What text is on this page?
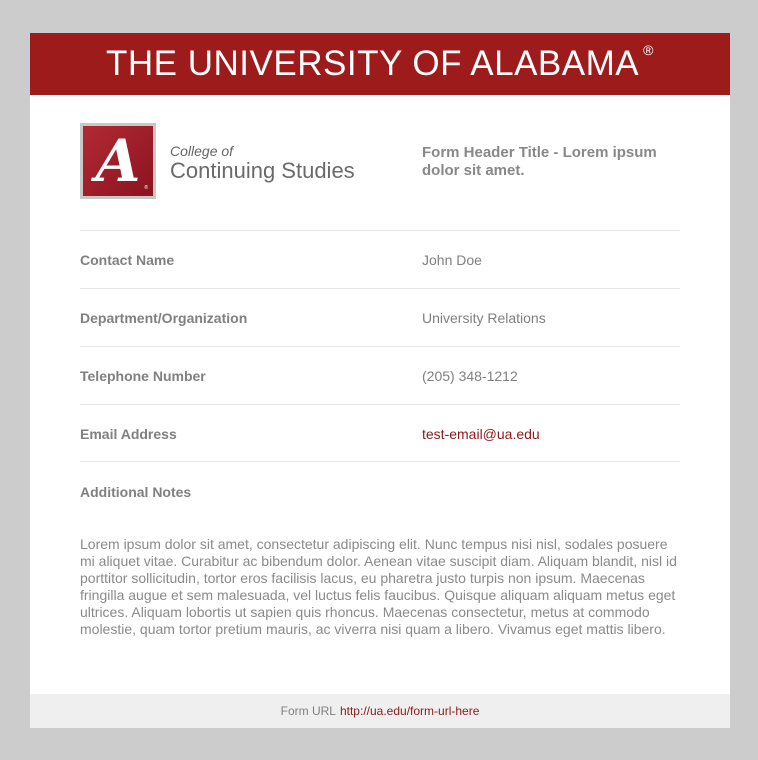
THE UNIVERSITY OF ALABAMA ®
A ®
College of
Continuing Studies
Form Header Title - Lorem ipsum dolor sit amet.
Contact Name	John Doe
Department/Organization	University Relations
Telephone Number	(205) 348-1212
Email Address	test-email@ua.edu
Additional Notes
Lorem ipsum dolor sit amet, consectetur adipiscing elit. Nunc tempus nisi nisl, sodales posuere mi aliquet vitae. Curabitur ac bibendum dolor. Aenean vitae suscipit diam. Aliquam blandit, nisl id porttitor sollicitudin, tortor eros facilisis lacus, eu pharetra justo turpis non ipsum. Maecenas fringilla augue et sem malesuada, vel luctus felis faucibus. Quisque aliquam aliquam metus eget ultrices. Aliquam lobortis ut sapien quis rhoncus. Maecenas consectetur, metus at commodo molestie, quam tortor pretium mauris, ac viverra nisi quam a libero. Vivamus eget mattis libero.
Form URL http://ua.edu/form-url-here
